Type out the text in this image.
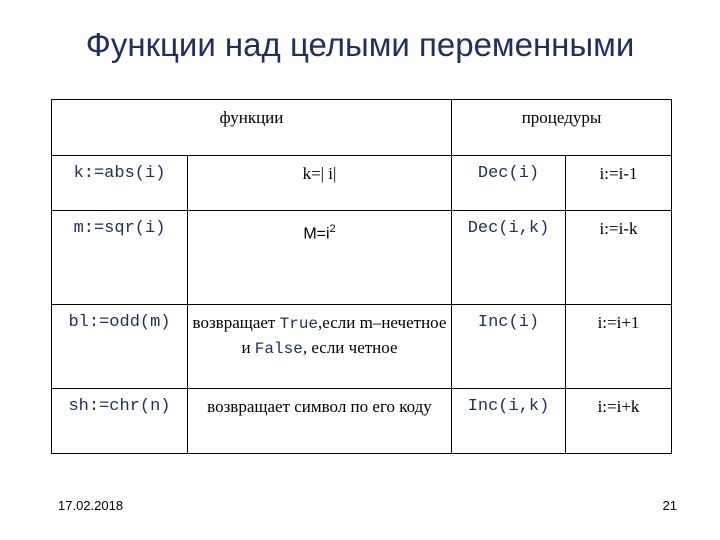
Функции над целыми переменными
функции		процедуры	
k:=abs(i)	k=| i|	Dec(i)	i:=i-1
m:=sqr(i)	$M=i^2$	Dec(i,k)	i:=i-k
bl:=odd(m)	возвращает True,если m–нечетное и False, если четное	Inc(i)	i:=i+1
sh:=chr(n)	возвращает символ по его коду	Inc(i,k)	i:=i+k
17.02.2018	21
